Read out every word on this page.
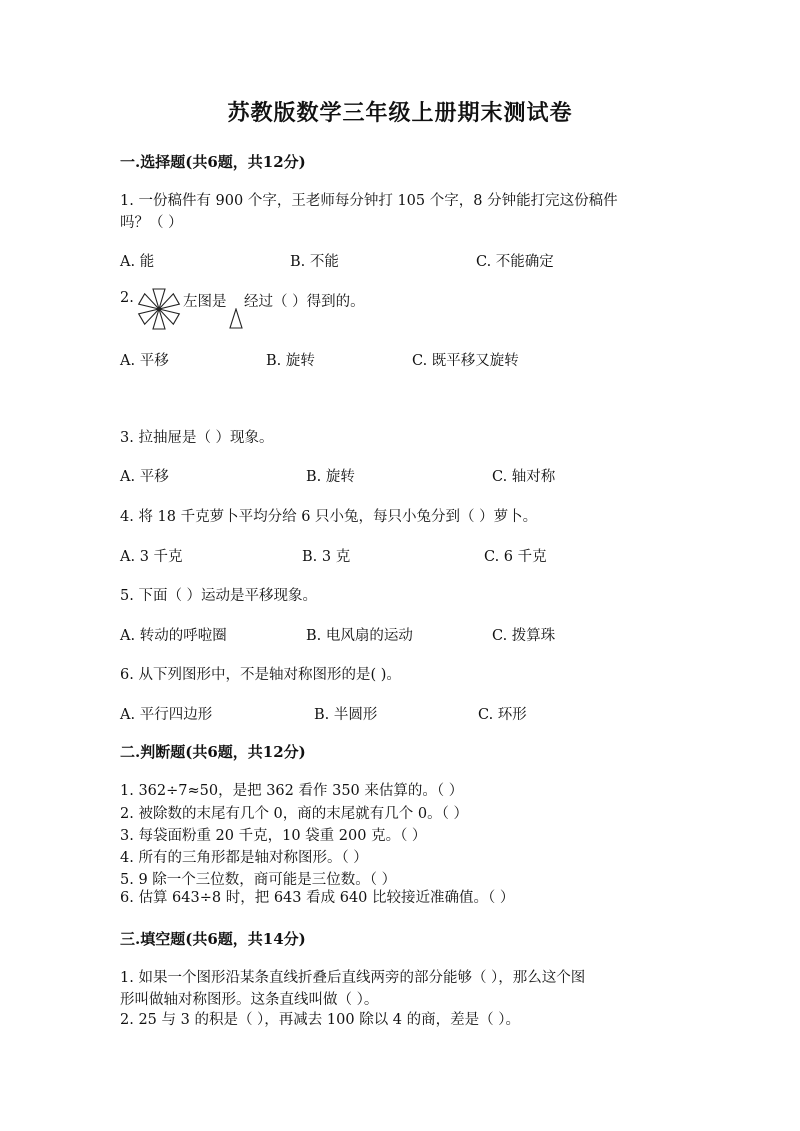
苏教版数学三年级上册期末测试卷
一.选择题(共6题，共12分)
1. 一份稿件有 900 个字，王老师每分钟打 105 个字，8 分钟能打完这份稿件
吗？（ ）
A. 能	B. 不能	C. 不能确定
2.	左图是 经过（ ）得到的。
A. 平移	B. 旋转	C. 既平移又旋转
3. 拉抽屉是（ ）现象。
A. 平移	B. 旋转	C. 轴对称
4. 将 18 千克萝卜平均分给 6 只小兔，每只小兔分到（ ）萝卜。
A. 3 千克	B. 3 克	C. 6 千克
5. 下面（ ）运动是平移现象。
A. 转动的呼啦圈	B. 电风扇的运动	C. 拨算珠
6. 从下列图形中，不是轴对称图形的是( )。
A. 平行四边形	B. 半圆形	C. 环形
二.判断题(共6题，共12分)
1. 362÷7≈50，是把 362 看作 350 来估算的。（ ）
2. 被除数的末尾有几个 0，商的末尾就有几个 0。（ ）
3. 每袋面粉重 20 千克，10 袋重 200 克。（ ）
4. 所有的三角形都是轴对称图形。（ ）
5. 9 除一个三位数，商可能是三位数。（ ）
6. 估算 643÷8 时，把 643 看成 640 比较接近准确值。（ ）
三.填空题(共6题，共14分)
1. 如果一个图形沿某条直线折叠后直线两旁的部分能够（ ），那么这个图
形叫做轴对称图形。这条直线叫做（ ）。
2. 25 与 3 的积是（ ），再减去 100 除以 4 的商，差是（ ）。
